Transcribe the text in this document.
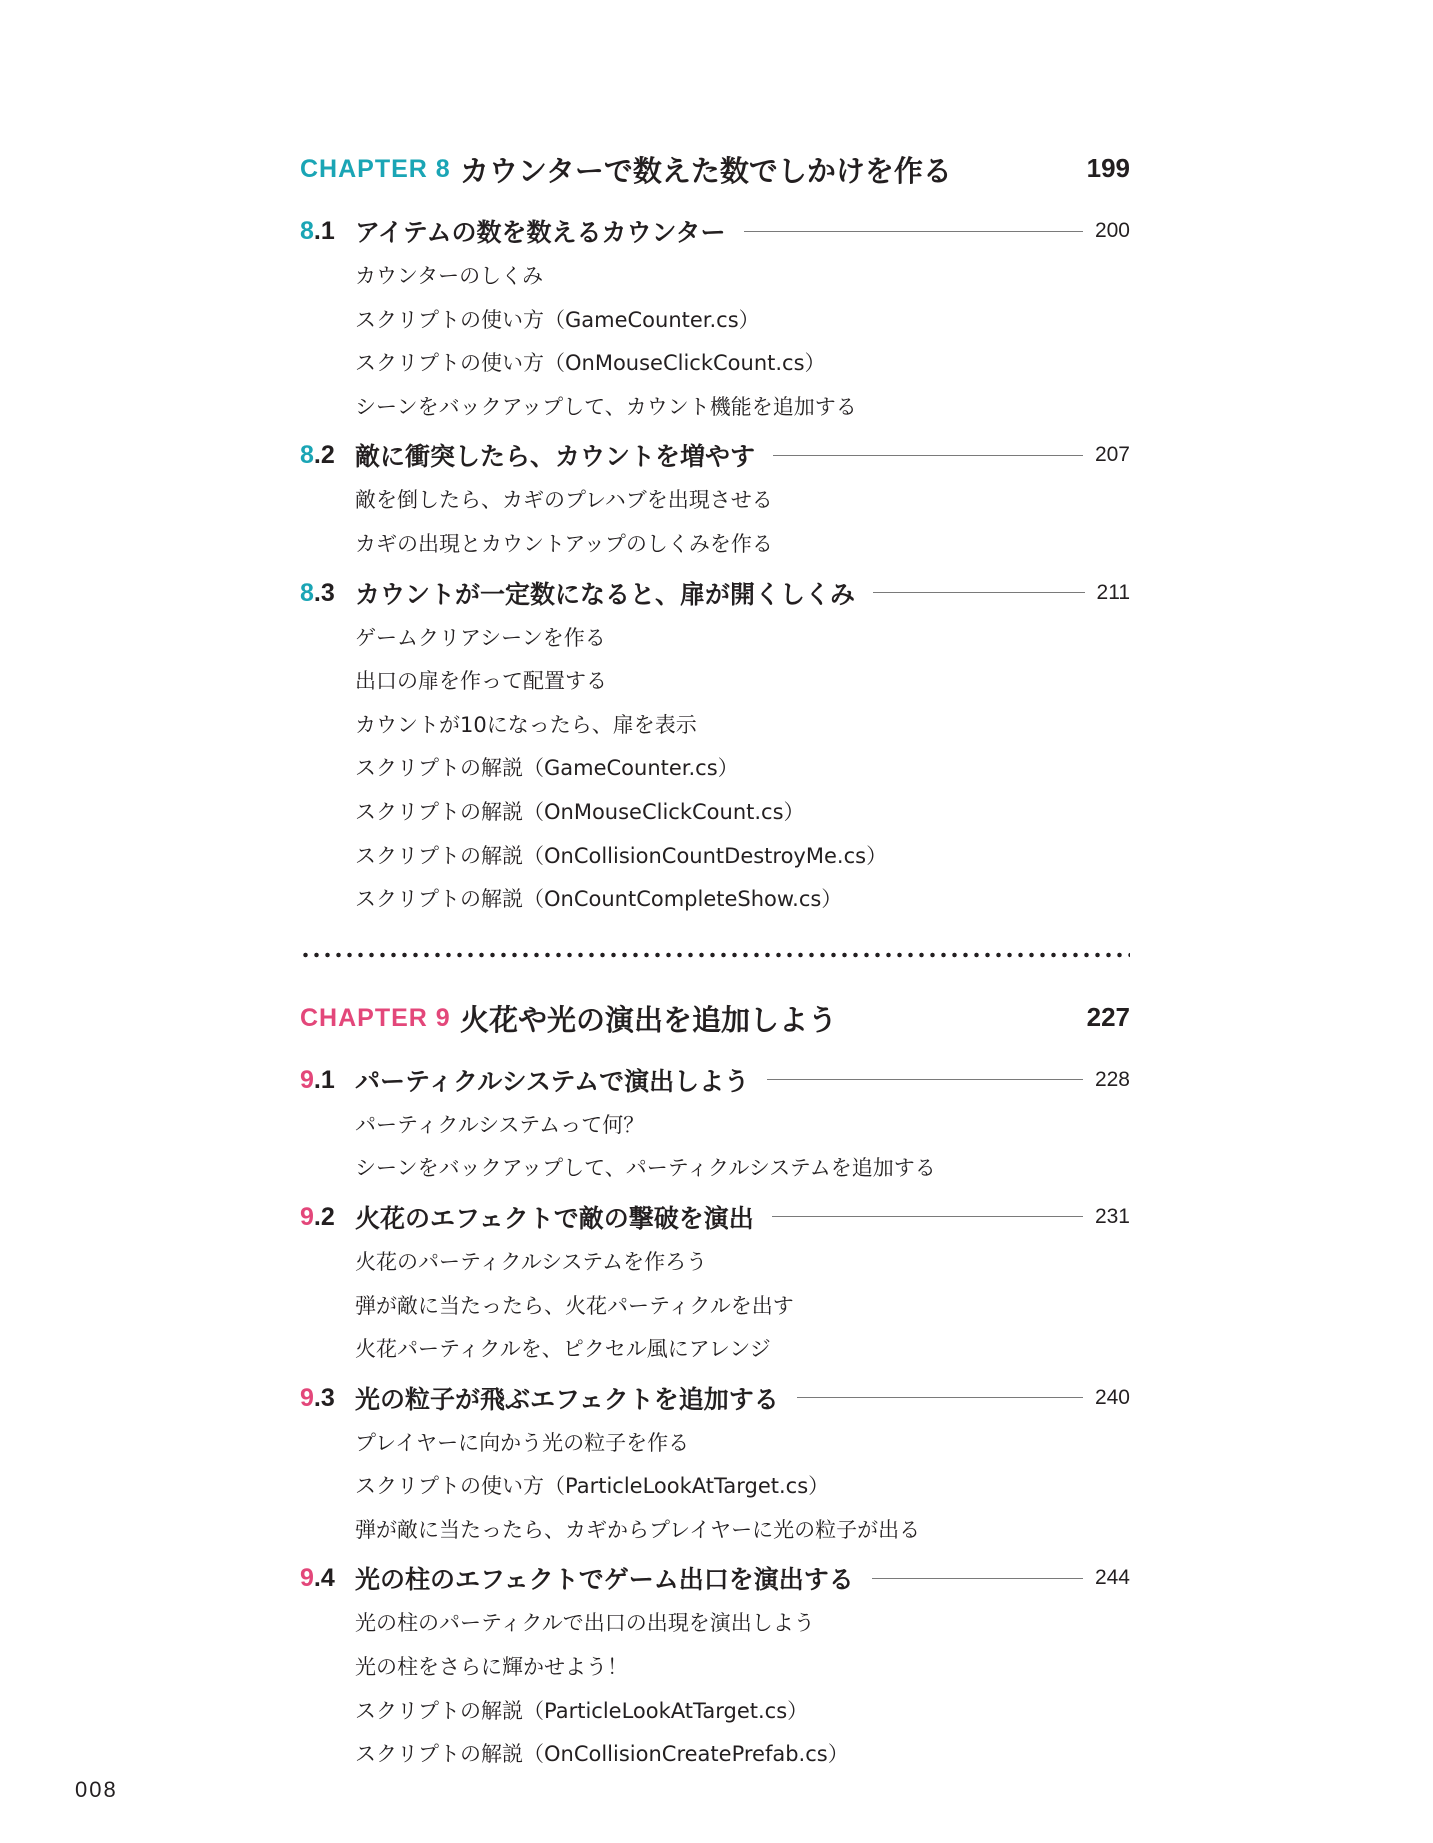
CHAPTER 8 カウンターで数えた数でしかけを作る	199
8.1 アイテムの数を数えるカウンター	200
カウンターのしくみ
スクリプトの使い方（GameCounter.cs）
スクリプトの使い方（OnMouseClickCount.cs）
シーンをバックアップして、カウント機能を追加する
8.2 敵に衝突したら、カウントを増やす	207
敵を倒したら、カギのプレハブを出現させる
カギの出現とカウントアップのしくみを作る
8.3 カウントが一定数になると、扉が開くしくみ	211
ゲームクリアシーンを作る
出口の扉を作って配置する
カウントが10になったら、扉を表示
スクリプトの解説（GameCounter.cs）
スクリプトの解説（OnMouseClickCount.cs）
スクリプトの解説（OnCollisionCountDestroyMe.cs）
スクリプトの解説（OnCountCompleteShow.cs）
CHAPTER 9 火花や光の演出を追加しよう	227
9.1 パーティクルシステムで演出しよう	228
パーティクルシステムって何？
シーンをバックアップして、パーティクルシステムを追加する
9.2 火花のエフェクトで敵の撃破を演出	231
火花のパーティクルシステムを作ろう
弾が敵に当たったら、火花パーティクルを出す
火花パーティクルを、ピクセル風にアレンジ
9.3 光の粒子が飛ぶエフェクトを追加する	240
プレイヤーに向かう光の粒子を作る
スクリプトの使い方（ParticleLookAtTarget.cs）
弾が敵に当たったら、カギからプレイヤーに光の粒子が出る
9.4 光の柱のエフェクトでゲーム出口を演出する	244
光の柱のパーティクルで出口の出現を演出しよう
光の柱をさらに輝かせよう！
スクリプトの解説（ParticleLookAtTarget.cs）
スクリプトの解説（OnCollisionCreatePrefab.cs）
008
